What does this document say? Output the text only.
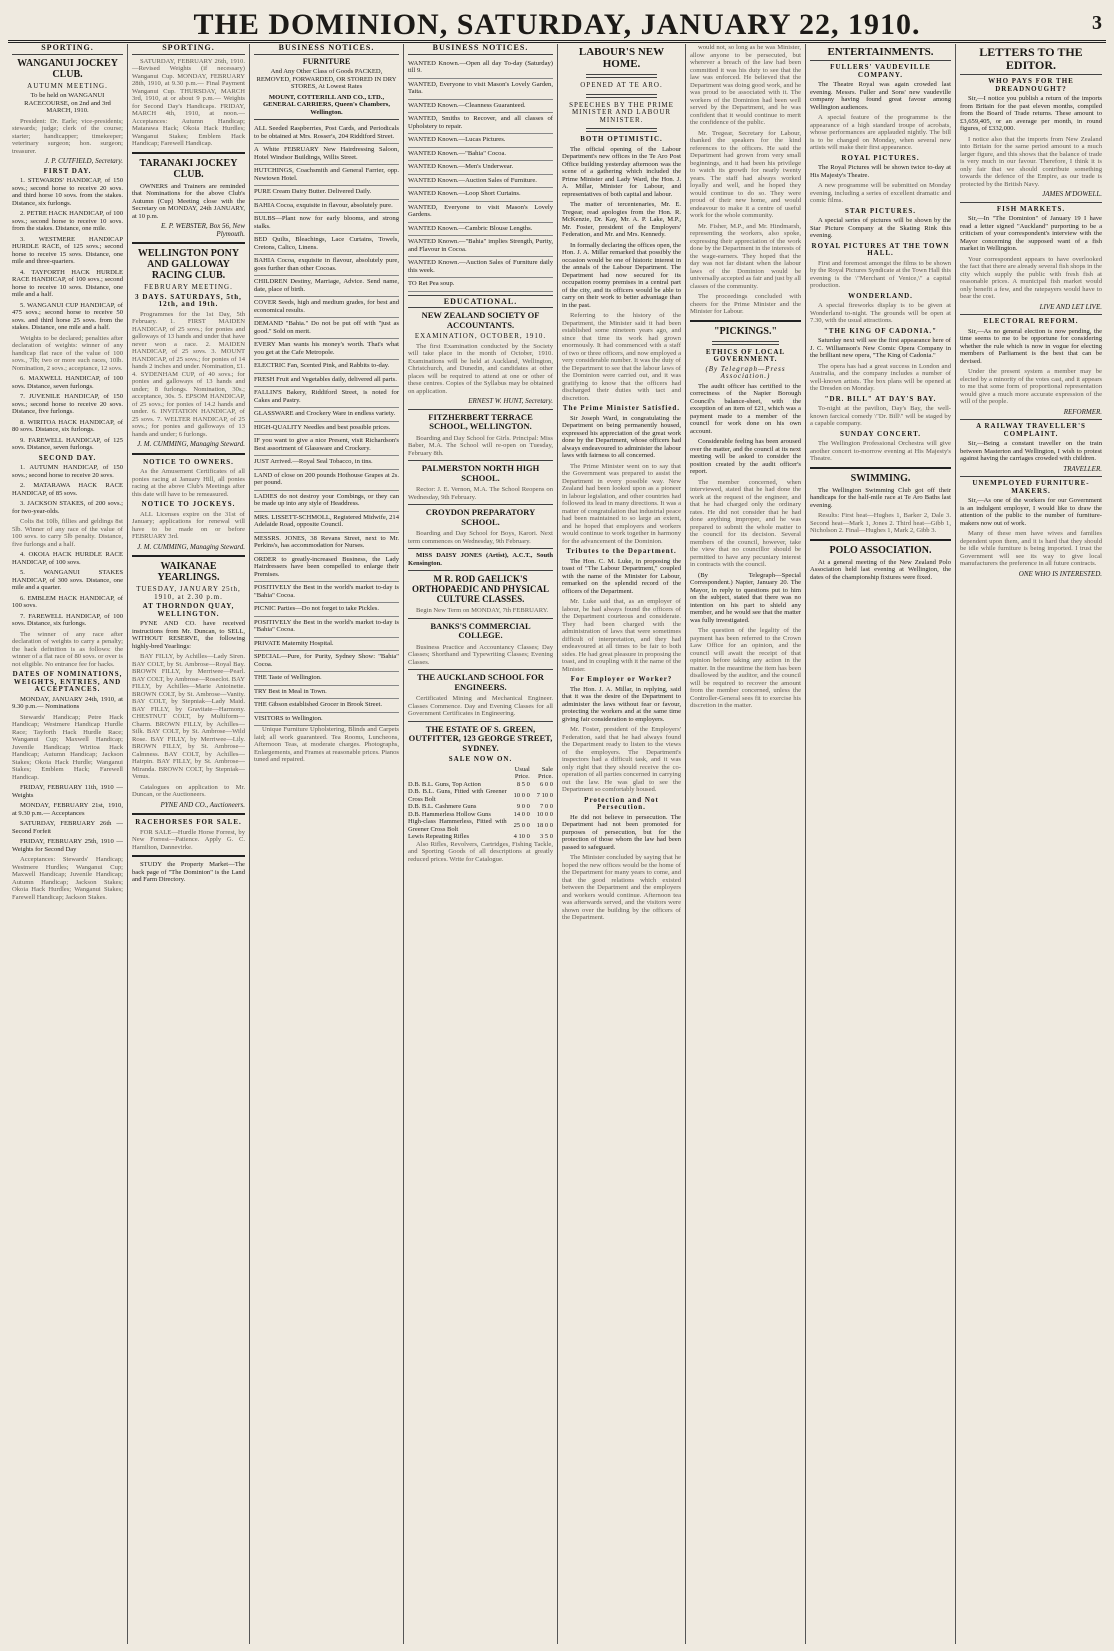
THE DOMINION, SATURDAY, JANUARY 22, 1910.	3
SPORTING.
WANGANUI JOCKEY CLUB.
AUTUMN MEETING.
To be held on WANGANUI RACECOURSE, on 2nd and 3rd MARCH, 1910.
President: Dr. Earle; vice-presidents; stewards; judge; clerk of the course; starter; handicapper; timekeeper; veterinary surgeon; hon. surgeon; treasurer.
J. P. CUTFIELD, Secretary.
FIRST DAY.
1. STEWARDS' HANDICAP, of 150 sovs.; second horse to receive 20 sovs. and third horse 10 sovs. from the stakes. Distance, six furlongs.
2. PETRE HACK HANDICAP, of 100 sovs.; second horse to receive 10 sovs. from the stakes. Distance, one mile.
3. WESTMERE HANDICAP HURDLE RACE, of 125 sovs.; second horse to receive 15 sovs. Distance, one mile and three-quarters.
4. TAYFORTH HACK HURDLE RACE HANDICAP, of 100 sovs.; second horse to receive 10 sovs. Distance, one mile and a half.
5. WANGANUI CUP HANDICAP, of 475 sovs.; second horse to receive 50 sovs. and third horse 25 sovs. from the stakes. Distance, one mile and a half.
Weights to be declared; penalties after declaration of weights: winner of any handicap flat race of the value of 100 sovs., 7lb; two or more such races, 10lb. Nomination, 2 sovs.; acceptance, 12 sovs.
6. MAXWELL HANDICAP, of 100 sovs. Distance, seven furlongs.
7. JUVENILE HANDICAP, of 150 sovs.; second horse to receive 20 sovs. Distance, five furlongs.
8. WIRITOA HACK HANDICAP, of 80 sovs. Distance, six furlongs.
9. FAREWELL HANDICAP, of 125 sovs. Distance, seven furlongs.
SECOND DAY.
1. AUTUMN HANDICAP, of 150 sovs.; second horse to receive 20 sovs.
2. MATARAWA HACK RACE HANDICAP, of 85 sovs.
3. JACKSON STAKES, of 200 sovs.; for two-year-olds.
Colts 8st 10lb, fillies and geldings 8st 5lb. Winner of any race of the value of 100 sovs. to carry 5lb penalty. Distance, five furlongs and a half.
4. OKOIA HACK HURDLE RACE HANDICAP, of 100 sovs.
5. WANGANUI STAKES HANDICAP, of 300 sovs. Distance, one mile and a quarter.
6. EMBLEM HACK HANDICAP, of 100 sovs.
7. FAREWELL HANDICAP, of 100 sovs. Distance, six furlongs.
The winner of any race after declaration of weights to carry a penalty; the hack definition is as follows: the winner of a flat race of 80 sovs. or over is not eligible. No entrance fee for hacks.
DATES OF NOMINATIONS, WEIGHTS, ENTRIES, AND ACCEPTANCES.
MONDAY, JANUARY 24th, 1910, at 9.30 p.m.— Nominations
Stewards' Handicap; Petre Hack Handicap; Westmere Handicap Hurdle Race; Tayforth Hack Hurdle Race; Wanganui Cup; Maxwell Handicap; Juvenile Handicap; Wiritoa Hack Handicap; Autumn Handicap; Jackson Stakes; Okoia Hack Hurdle; Wanganui Stakes; Emblem Hack; Farewell Handicap.
FRIDAY, FEBRUARY 11th, 1910 — Weights
MONDAY, FEBRUARY 21st, 1910, at 9.30 p.m.— Acceptances
SATURDAY, FEBRUARY 26th — Second Forfeit
FRIDAY, FEBRUARY 25th, 1910 — Weights for Second Day
Acceptances: Stewards' Handicap; Westmere Hurdles; Wanganui Cup; Maxwell Handicap; Juvenile Handicap; Autumn Handicap; Jackson Stakes; Okoia Hack Hurdles; Wanganui Stakes; Farewell Handicap; Jackson Stakes.
SPORTING.
SATURDAY, FEBRUARY 26th, 1910.—Revised Weights (if necessary) Wanganui Cup. MONDAY, FEBRUARY 28th, 1910, at 9.30 p.m.— Final Payment Wanganui Cup. THURSDAY, MARCH 3rd, 1910, at or about 9 p.m.— Weights for Second Day's Handicaps. FRIDAY, MARCH 4th, 1910, at noon.— Acceptances: Autumn Handicap; Matarawa Hack; Okoia Hack Hurdles; Wanganui Stakes; Emblem Hack Handicap; Farewell Handicap.
TARANAKI JOCKEY CLUB.
OWNERS and Trainers are reminded that Nominations for the above Club's Autumn (Cup) Meeting close with the Secretary on MONDAY, 24th JANUARY, at 10 p.m.
E. P. WEBSTER, Box 56, New Plymouth.
WELLINGTON PONY AND GALLOWAY RACING CLUB.
FEBRUARY MEETING.
3 DAYS. SATURDAYS, 5th, 12th, and 19th.
Programmes for the 1st Day, 5th February. 1. FIRST MAIDEN HANDICAP, of 25 sovs.; for ponies and galloways of 13 hands and under that have never won a race. 2. MAIDEN HANDICAP, of 25 sovs. 3. MOUNT HANDICAP, of 25 sovs.; for ponies of 14 hands 2 inches and under. Nomination, £1. 4. SYDENHAM CUP, of 40 sovs.; for ponies and galloways of 13 hands and under; 8 furlongs. Nomination, 30s.; acceptance, 30s. 5. EPSOM HANDICAP, of 25 sovs.; for ponies of 14.2 hands and under. 6. INVITATION HANDICAP, of 25 sovs. 7. WELTER HANDICAP, of 25 sovs.; for ponies and galloways of 13 hands and under; 6 furlongs.
J. M. CUMMING, Managing Steward.
NOTICE TO OWNERS.
As the Amusement Certificates of all ponies racing at January Hill, all ponies racing at the above Club's Meetings after this date will have to be remeasured.
NOTICE TO JOCKEYS.
ALL Licenses expire on the 31st of January; applications for renewal will have to be made on or before FEBRUARY 3rd.
J. M. CUMMING, Managing Steward.
WAIKANAE YEARLINGS.
TUESDAY, JANUARY 25th, 1910, at 2.30 p.m.
AT THORNDON QUAY, WELLINGTON.
PYNE AND CO. have received instructions from Mr. Duncan, to SELL, WITHOUT RESERVE, the following highly-bred Yearlings:
BAY FILLY, by Achilles—Lady Siren. BAY COLT, by St. Ambrose—Royal Bay. BROWN FILLY, by Merriwee—Pearl. BAY COLT, by Ambrose—Roseclot. BAY FILLY, by Achilles—Marie Antoinette. BROWN COLT, by St. Ambrose—Vanity. BAY COLT, by Stepniak—Lady Maid. BAY FILLY, by Gravitate—Harmony. CHESTNUT COLT, by Multiform—Charm. BROWN FILLY, by Achilles—Silk. BAY COLT, by St. Ambrose—Wild Rose. BAY FILLY, by Merriwee—Lily. BROWN FILLY, by St. Ambrose—Calmness. BAY COLT, by Achilles—Hairpin. BAY FILLY, by St. Ambrose—Miranda. BROWN COLT, by Stepniak—Venus.
Catalogues on application to Mr. Duncan, or the Auctioneers.
PYNE AND CO., Auctioneers.
RACEHORSES FOR SALE.
FOR SALE—Hurdle Horse Forrest, by New Forrest—Patience. Apply G. C. Hamilton, Dannevirke.
STUDY the Property Market—The back page of "The Dominion" is the Land and Farm Directory.
BUSINESS NOTICES.
FURNITURE
And Any Other Class of Goods PACKED, REMOVED, FORWARDED, OR STORED IN DRY STORES, At Lowest Rates
MOUNT, COTTERILL AND CO., LTD., GENERAL CARRIERS, Queen's Chambers, Wellington.
ALL Seeded Raspberries, Post Cards, and Periodicals to be obtained at Mrs. Rosser's, 204 Riddiford Street.
A White FEBRUARY New Hairdressing Saloon, Hotel Windsor Buildings, Willis Street.
HUTCHINGS, Coachsmith and General Farrier, opp. Newtown Hotel.
PURE Cream Dairy Butter. Delivered Daily.
BAHIA Cocoa, exquisite in flavour, absolutely pure.
BULBS—Plant now for early blooms, and strong stalks.
BED Quilts, Bleachings, Lace Curtains, Towels, Cretons, Calico, Linens.
BAHIA Cocoa, exquisite in flavour, absolutely pure, goes further than other Cocoas.
CHILDREN Destiny, Marriage, Advice. Send name, date, place of birth.
COVER Seeds, high and medium grades, for best and economical results.
DEMAND "Bahia." Do not be put off with "just as good." Sold on merit.
EVERY Man wants his money's worth. That's what you get at the Cafe Metropole.
ELECTRIC Fan, Scented Pink, and Rabbits to-day.
FRESH Fruit and Vegetables daily, delivered all parts.
FALLIN'S Bakery, Riddiford Street, is noted for Cakes and Pastry.
GLASSWARE and Crockery Ware in endless variety.
HIGH-QUALITY Needles and best possible prices.
IF you want to give a nice Present, visit Richardson's Best assortment of Glassware and Crockery.
JUST Arrived.—Royal Seal Tobacco, in tins.
LAND of close on 200 pounds Hothouse Grapes at 2s. per pound.
LADIES do not destroy your Combings, or they can be made up into any style of Headdress.
MRS. LISSETT-SCHMOLL, Registered Midwife, 214 Adelaide Road, opposite Council.
MESSRS. JONES, 38 Revans Street, next to Mr. Perkins's, has accommodation for Nurses.
ORDER to greatly-increased Business, the Lady Hairdressers have been compelled to enlarge their Premises.
POSITIVELY the Best in the world's market to-day is "Bahia" Cocoa.
PICNIC Parties—Do not forget to take Pickles.
POSITIVELY the Best in the world's market to-day is "Bahia" Cocoa.
PRIVATE Maternity Hospital.
SPECIAL—Pure, for Purity, Sydney Show: "Bahia" Cocoa.
THE Taste of Wellington.
TRY Best in Meal in Town.
THE Gibson established Grocer in Brook Street.
VISITORS to Wellington.
Unique Furniture Upholstering, Blinds and Carpets laid; all work guaranteed. Tea Rooms, Luncheons, Afternoon Teas, at moderate charges. Photographs, Enlargements, and Frames at reasonable prices. Pianos tuned and repaired.
BUSINESS NOTICES.
WANTED Known.—Open all day To-day (Saturday) till 9.
WANTED, Everyone to visit Mason's Lovely Garden, Taita.
WANTED Known.—Cleanness Guaranteed.
WANTED, Smiths to Recover, and all classes of Upholstery to repair.
WANTED Known.—Lucas Pictures.
WANTED Known.—"Bahia" Cocoa.
WANTED Known.—Men's Underwear.
WANTED Known.—Auction Sales of Furniture.
WANTED Known.—Loop Short Curtains.
WANTED, Everyone to visit Mason's Lovely Gardens.
WANTED Known.—Cambric Blouse Lengths.
WANTED Known.—"Bahia" implies Strength, Purity, and Flavour in Cocoa.
WANTED Known.—Auction Sales of Furniture daily this week.
TO Ret Pea soup.
EDUCATIONAL.
NEW ZEALAND SOCIETY OF ACCOUNTANTS.
EXAMINATION, OCTOBER, 1910.
The first Examination conducted by the Society will take place in the month of October, 1910. Examinations will be held at Auckland, Wellington, Christchurch, and Dunedin, and candidates at other places will be required to attend at one or other of these centres. Copies of the Syllabus may be obtained on application.
ERNEST W. HUNT, Secretary.
FITZHERBERT TERRACE SCHOOL, WELLINGTON.
Boarding and Day School for Girls. Principal: Miss Baber, M.A. The School will re-open on Tuesday, February 8th.
PALMERSTON NORTH HIGH SCHOOL.
Rector: J. E. Vernon, M.A. The School Reopens on Wednesday, 9th February.
CROYDON PREPARATORY SCHOOL.
Boarding and Day School for Boys, Karori. Next term commences on Wednesday, 9th February.
MISS DAISY JONES (Artist), A.C.T., South Kensington.
M R. ROD GAELICK'S ORTHOPAEDIC AND PHYSICAL CULTURE CLASSES.
Begin New Term on MONDAY, 7th FEBRUARY.
BANKS'S COMMERCIAL COLLEGE.
Business Practice and Accountancy Classes; Day Classes; Shorthand and Typewriting Classes; Evening Classes.
THE AUCKLAND SCHOOL FOR ENGINEERS.
Certificated Mining and Mechanical Engineer. Classes Commence. Day and Evening Classes for all Government Certificates in Engineering.
THE ESTATE OF S. GREEN, OUTFITTER, 123 GEORGE STREET, SYDNEY.
SALE NOW ON.
	Usual Price.	Sale Price.
D.B. B.L. Guns, Top Action	8 5 0	6 0 0
D.B. B.L. Guns, Fitted with Greener Cross Bolt	10 0 0	7 10 0
D.B. B.L. Cashmere Guns	9 0 0	7 0 0
D.B. Hammerless Hollow Guns	14 0 0	10 0 0
High-class Hammerless, Fitted with Greener Cross Bolt	25 0 0	18 0 0
Lewis Repeating Rifles	4 10 0	3 5 0
Also Rifles, Revolvers, Cartridges, Fishing Tackle, and Sporting Goods of all descriptions at greatly reduced prices. Write for Catalogue.
LABOUR'S NEW HOME.
OPENED AT TE ARO.
SPEECHES BY THE PRIME MINISTER AND LABOUR MINISTER.
BOTH OPTIMISTIC.
The official opening of the Labour Department's new offices in the Te Aro Post Office building yesterday afternoon was the scene of a gathering which included the Prime Minister and Lady Ward, the Hon. J. A. Millar, Minister for Labour, and representatives of both capital and labour.
The matter of tercentenaries, Mr. E. Tregear, read apologies from the Hon. R. McKenzie, Dr. Kay, Mr. A. P. Lake, M.P., Mr. Foster, president of the Employers' Federation, and Mr. and Mrs. Kennedy.
In formally declaring the offices open, the Hon. J. A. Millar remarked that possibly the occasion would be one of historic interest in the annals of the Labour Department. The Department had now secured for its occupation roomy premises in a central part of the city, and its officers would be able to carry on their work to better advantage than in the past.
Referring to the history of the Department, the Minister said it had been established some nineteen years ago, and since that time its work had grown enormously. It had commenced with a staff of two or three officers, and now employed a very considerable number. It was the duty of the Department to see that the labour laws of the Dominion were carried out, and it was gratifying to know that the officers had discharged their duties with tact and discretion.
The Prime Minister Satisfied.
Sir Joseph Ward, in congratulating the Department on being permanently housed, expressed his appreciation of the great work done by the Department, whose officers had always endeavoured to administer the labour laws with fairness to all concerned.
The Prime Minister went on to say that the Government was prepared to assist the Department in every possible way. New Zealand had been looked upon as a pioneer in labour legislation, and other countries had followed its lead in many directions. It was a matter of congratulation that industrial peace had been maintained to so large an extent, and he hoped that employers and workers would continue to work together in harmony for the advancement of the Dominion.
Tributes to the Department.
The Hon. C. M. Luke, in proposing the toast of "The Labour Department," coupled with the name of the Minister for Labour, remarked on the splendid record of the officers of the Department.
Mr. Luke said that, as an employer of labour, he had always found the officers of the Department courteous and considerate. They had been charged with the administration of laws that were sometimes difficult of interpretation, and they had endeavoured at all times to be fair to both sides. He had great pleasure in proposing the toast, and in coupling with it the name of the Minister.
For Employer or Worker?
The Hon. J. A. Millar, in replying, said that it was the desire of the Department to administer the laws without fear or favour, protecting the workers and at the same time giving fair consideration to employers.
Mr. Foster, president of the Employers' Federation, said that he had always found the Department ready to listen to the views of the employers. The Department's inspectors had a difficult task, and it was only right that they should receive the co-operation of all parties concerned in carrying out the law. He was glad to see the Department so comfortably housed.
Protection and Not Persecution.
He did not believe in persecution. The Department had not been promoted for purposes of persecution, but for the protection of those whom the law had been passed to safeguard.
The Minister concluded by saying that he hoped the new offices would be the home of the Department for many years to come, and that the good relations which existed between the Department and the employers and workers would continue. Afternoon tea was afterwards served, and the visitors were shown over the building by the officers of the Department.
would not, so long as he was Minister, allow anyone to be persecuted, but wherever a breach of the law had been committed it was his duty to see that the law was enforced. He believed that the Department was doing good work, and he was proud to be associated with it. The workers of the Dominion had been well served by the Department, and he was confident that it would continue to merit the confidence of the public.
Mr. Tregear, Secretary for Labour, thanked the speakers for the kind references to the officers. He said the Department had grown from very small beginnings, and it had been his privilege to watch its growth for nearly twenty years. The staff had always worked loyally and well, and he hoped they would continue to do so. They were proud of their new home, and would endeavour to make it a centre of useful work for the whole community.
Mr. Fisher, M.P., and Mr. Hindmarsh, representing the workers, also spoke, expressing their appreciation of the work done by the Department in the interests of the wage-earners. They hoped that the day was not far distant when the labour laws of the Dominion would be universally accepted as fair and just by all classes of the community.
The proceedings concluded with cheers for the Prime Minister and the Minister for Labour.
"PICKINGS."
ETHICS OF LOCAL GOVERNMENT.
(By Telegraph—Press Association.)
The audit officer has certified to the correctness of the Napier Borough Council's balance-sheet, with the exception of an item of £21, which was a payment made to a member of the council for work done on his own account.
Considerable feeling has been aroused over the matter, and the council at its next meeting will be asked to consider the position created by the audit officer's report.
The member concerned, when interviewed, stated that he had done the work at the request of the engineer, and that he had charged only the ordinary rates. He did not consider that he had done anything improper, and he was prepared to submit the whole matter to the council for its decision. Several members of the council, however, take the view that no councillor should be permitted to have any pecuniary interest in contracts with the council.
(By Telegraph—Special Correspondent.) Napier, January 20. The Mayor, in reply to questions put to him on the subject, stated that there was no intention on his part to shield any member, and he would see that the matter was fully investigated.
The question of the legality of the payment has been referred to the Crown Law Office for an opinion, and the council will await the receipt of that opinion before taking any action in the matter. In the meantime the item has been disallowed by the auditor, and the council will be required to recover the amount from the member concerned, unless the Controller-General sees fit to exercise his discretion in the matter.
ENTERTAINMENTS.
FULLERS' VAUDEVILLE COMPANY.
The Theatre Royal was again crowded last evening. Messrs. Fuller and Sons' new vaudeville company having found great favour among Wellington audiences.
A special feature of the programme is the appearance of a high standard troupe of acrobats, whose performances are applauded nightly. The bill is to be changed on Monday, when several new artists will make their first appearance.
ROYAL PICTURES.
The Royal Pictures will be shown twice to-day at His Majesty's Theatre.
A new programme will be submitted on Monday evening, including a series of excellent dramatic and comic films.
STAR PICTURES.
A special series of pictures will be shown by the Star Picture Company at the Skating Rink this evening.
ROYAL PICTURES AT THE TOWN HALL.
First and foremost amongst the films to be shown by the Royal Pictures Syndicate at the Town Hall this evening is the \"Merchant of Venice,\" a capital production.
WONDERLAND.
A special fireworks display is to be given at Wonderland to-night. The grounds will be open at 7.30, with the usual attractions.
"THE KING OF CADONIA."
Saturday next will see the first appearance here of J. C. Williamson's New Comic Opera Company in the brilliant new opera, "The King of Cadonia."
The opera has had a great success in London and Australia, and the company includes a number of well-known artists. The box plans will be opened at the Dresden on Monday.
"DR. BILL" AT DAY'S BAY.
To-night at the pavilion, Day's Bay, the well-known farcical comedy \"Dr. Bill\" will be staged by a capable company.
SUNDAY CONCERT.
The Wellington Professional Orchestra will give another concert to-morrow evening at His Majesty's Theatre.
SWIMMING.
The Wellington Swimming Club got off their handicaps for the half-mile race at Te Aro Baths last evening.
Results: First heat—Hughes 1, Barker 2, Dale 3. Second heat—Mark 1, Jones 2. Third heat—Gibb 1, Nicholson 2. Final—Hughes 1, Mark 2, Gibb 3.
POLO ASSOCIATION.
At a general meeting of the New Zealand Polo Association held last evening at Wellington, the dates of the championship fixtures were fixed.
LETTERS TO THE EDITOR.
WHO PAYS FOR THE DREADNOUGHT?
Sir,—I notice you publish a return of the imports from Britain for the past eleven months, compiled from the Board of Trade returns. These amount to £3,659,405, or an average per month, in round figures, of £332,000.
I notice also that the imports from New Zealand into Britain for the same period amount to a much larger figure, and this shows that the balance of trade is very much in our favour. Therefore, I think it is only fair that we should contribute something towards the defence of the Empire, as our trade is protected by the British Navy.
JAMES M'DOWELL.
FISH MARKETS.
Sir,—In "The Dominion" of January 19 I have read a letter signed "Auckland" purporting to be a criticism of your correspondent's interview with the Mayor concerning the supposed want of a fish market in Wellington.
Your correspondent appears to have overlooked the fact that there are already several fish shops in the city which supply the public with fresh fish at reasonable prices. A municipal fish market would only benefit a few, and the ratepayers would have to bear the cost.
LIVE AND LET LIVE.
ELECTORAL REFORM.
Sir,—As no general election is now pending, the time seems to me to be opportune for considering whether the rule which is now in vogue for electing members of Parliament is the best that can be devised.
Under the present system a member may be elected by a minority of the votes cast, and it appears to me that some form of proportional representation would give a much more accurate expression of the will of the people.
REFORMER.
A RAILWAY TRAVELLER'S COMPLAINT.
Sir,—Being a constant traveller on the train between Masterton and Wellington, I wish to protest against having the carriages crowded with children.
TRAVELLER.
UNEMPLOYED FURNITURE-MAKERS.
Sir,—As one of the workers for our Government is an indulgent employer, I would like to draw the attention of the public to the number of furniture-makers now out of work.
Many of these men have wives and families dependent upon them, and it is hard that they should be idle while furniture is being imported. I trust the Government will see its way to give local manufacturers the preference in all future contracts.
ONE WHO IS INTERESTED.
